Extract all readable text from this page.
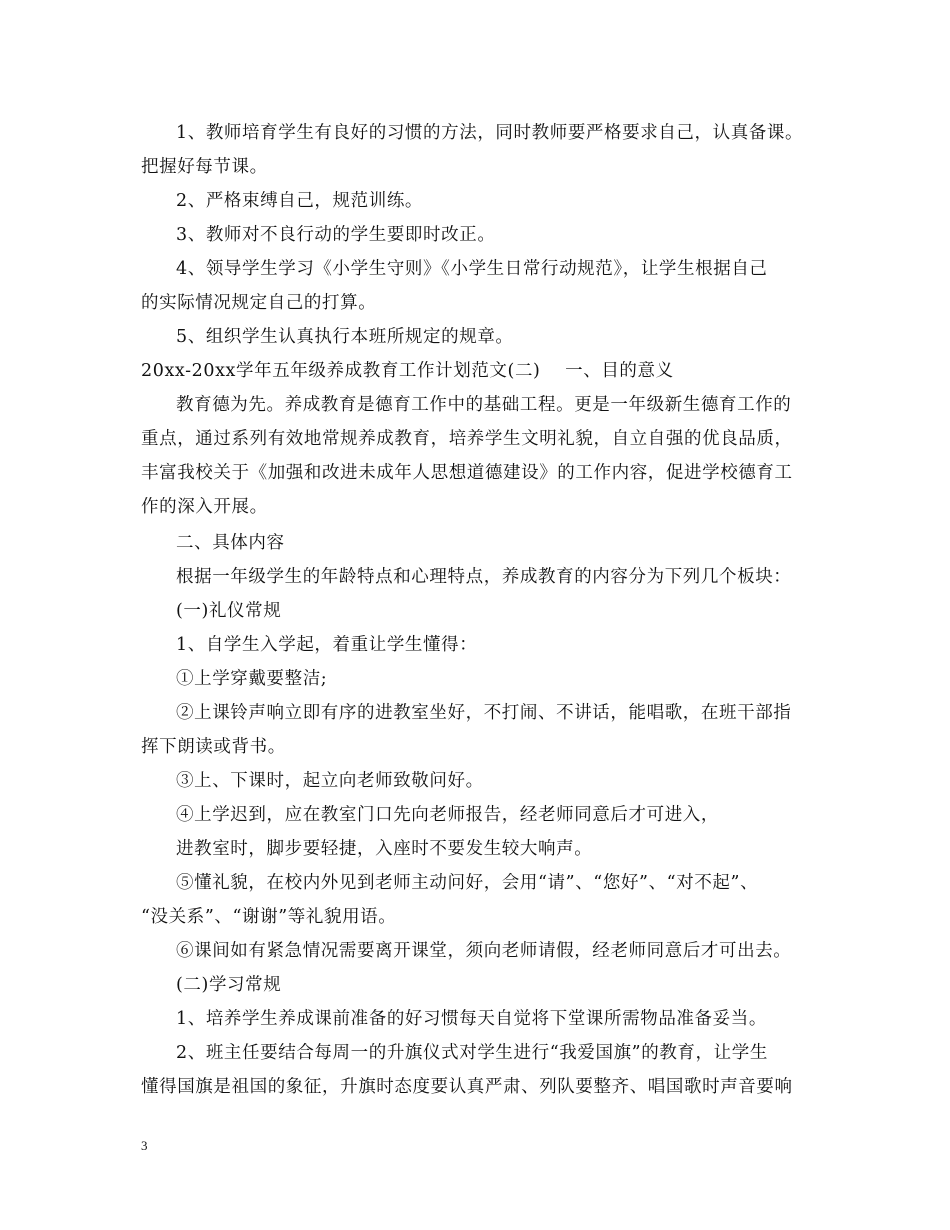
1、教师培育学生有良好的习惯的方法，同时教师要严格要求自己，认真备课。
把握好每节课。
2、严格束缚自己，规范训练。
3、教师对不良行动的学生要即时改正。
4、领导学生学习《小学生守则》《小学生日常行动规范》，让学生根据自己
的实际情况规定自己的打算。
5、组织学生认真执行本班所规定的规章。
20xx-20xx学年五年级养成教育工作计划范文(二)    一、目的意义
教育德为先。养成教育是德育工作中的基础工程。更是一年级新生德育工作的
重点，通过系列有效地常规养成教育，培养学生文明礼貌，自立自强的优良品质，
丰富我校关于《加强和改进未成年人思想道德建设》的工作内容，促进学校德育工
作的深入开展。
二、具体内容
根据一年级学生的年龄特点和心理特点，养成教育的内容分为下列几个板块：
(一)礼仪常规
1、自学生入学起，着重让学生懂得：
①上学穿戴要整洁;
②上课铃声响立即有序的进教室坐好，不打闹、不讲话，能唱歌，在班干部指
挥下朗读或背书。
③上、下课时，起立向老师致敬问好。
④上学迟到，应在教室门口先向老师报告，经老师同意后才可进入，
进教室时，脚步要轻捷，入座时不要发生较大响声。
⑤懂礼貌，在校内外见到老师主动问好，会用“请”、“您好”、“对不起”、
“没关系”、“谢谢”等礼貌用语。
⑥课间如有紧急情况需要离开课堂，须向老师请假，经老师同意后才可出去。
(二)学习常规
1、培养学生养成课前准备的好习惯每天自觉将下堂课所需物品准备妥当。
2、班主任要结合每周一的升旗仪式对学生进行“我爱国旗”的教育，让学生
懂得国旗是祖国的象征，升旗时态度要认真严肃、列队要整齐、唱国歌时声音要响
3
